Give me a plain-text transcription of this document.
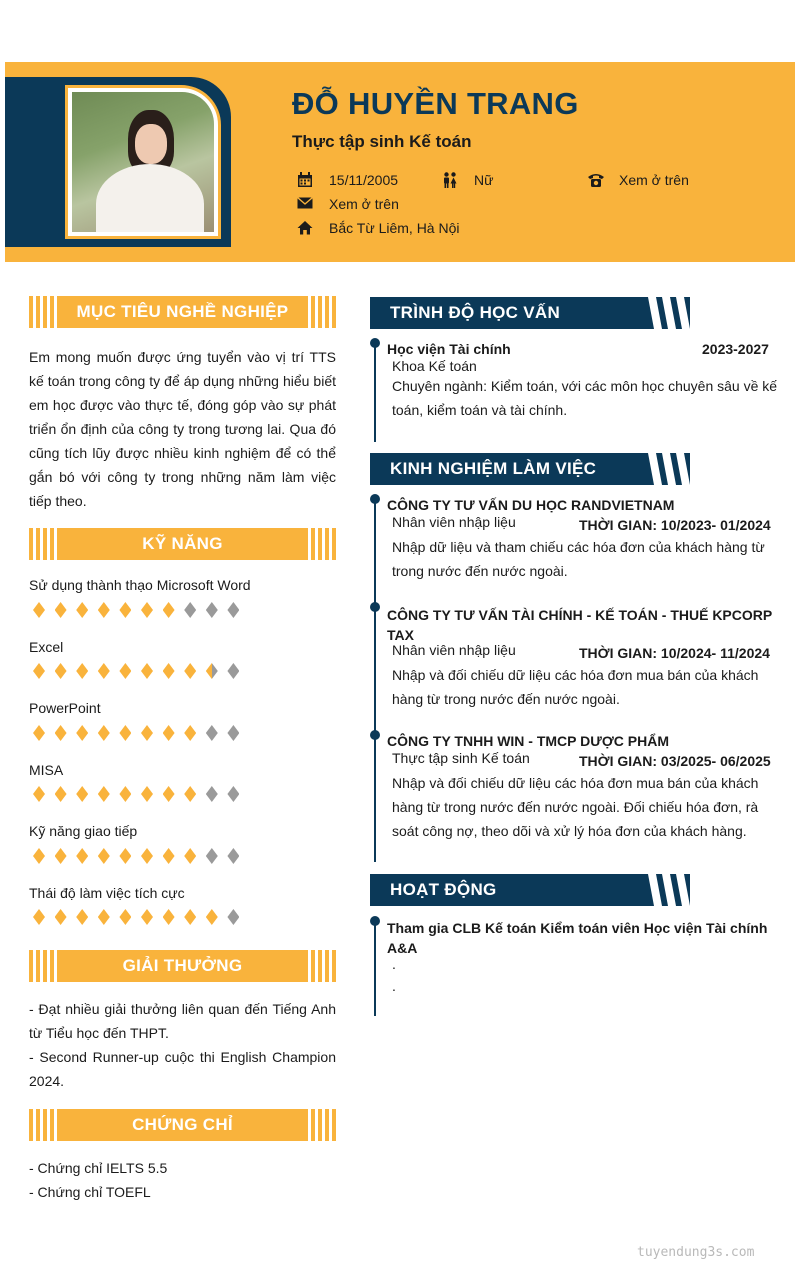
ĐỖ HUYỀN TRANG
Thực tập sinh Kế toán
15/11/2005	Nữ	Xem ở trên
Xem ở trên
Bắc Từ Liêm, Hà Nội
MỤC TIÊU NGHỀ NGHIỆP
Em mong muốn được ứng tuyển vào vị trí TTS kế toán trong công ty để áp dụng những hiểu biết em học được vào thực tế, đóng góp vào sự phát triển ổn định của công ty trong tương lai. Qua đó cũng tích lũy được nhiều kinh nghiệm để có thể gắn bó với công ty trong những năm làm việc tiếp theo.
KỸ NĂNG
Sử dụng thành thạo Microsoft Word
Excel
PowerPoint
MISA
Kỹ năng giao tiếp
Thái độ làm việc tích cực
GIẢI THƯỞNG
- Đạt nhiều giải thưởng liên quan đến Tiếng Anh từ Tiểu học đến THPT.
- Second Runner-up cuộc thi English Champion 2024.
CHỨNG CHỈ
- Chứng chỉ IELTS 5.5
- Chứng chỉ TOEFL
TRÌNH ĐỘ HỌC VẤN
Học viện Tài chính	2023-2027
Khoa Kế toán
Chuyên ngành: Kiểm toán, với các môn học chuyên sâu về kế toán, kiểm toán và tài chính.
KINH NGHIỆM LÀM VIỆC
CÔNG TY TƯ VẤN DU HỌC RANDVIETNAM
Nhân viên nhập liệu	THỜI GIAN: 10/2023- 01/2024
Nhập dữ liệu và tham chiếu các hóa đơn của khách hàng từ trong nước đến nước ngoài.
CÔNG TY TƯ VẤN TÀI CHÍNH - KẾ TOÁN - THUẾ KPCORP TAX
Nhân viên nhập liệu	THỜI GIAN: 10/2024- 11/2024
Nhập và đối chiếu dữ liệu các hóa đơn mua bán của khách hàng từ trong nước đến nước ngoài.
CÔNG TY TNHH WIN - TMCP DƯỢC PHẨM
Thực tập sinh Kế toán	THỜI GIAN: 03/2025- 06/2025
Nhập và đối chiếu dữ liệu các hóa đơn mua bán của khách hàng từ trong nước đến nước ngoài. Đối chiếu hóa đơn, rà soát công nợ, theo dõi và xử lý hóa đơn của khách hàng.
HOẠT ĐỘNG
Tham gia CLB Kế toán Kiểm toán viên Học viện Tài chính A&A
.
.
tuyendung3s.com
